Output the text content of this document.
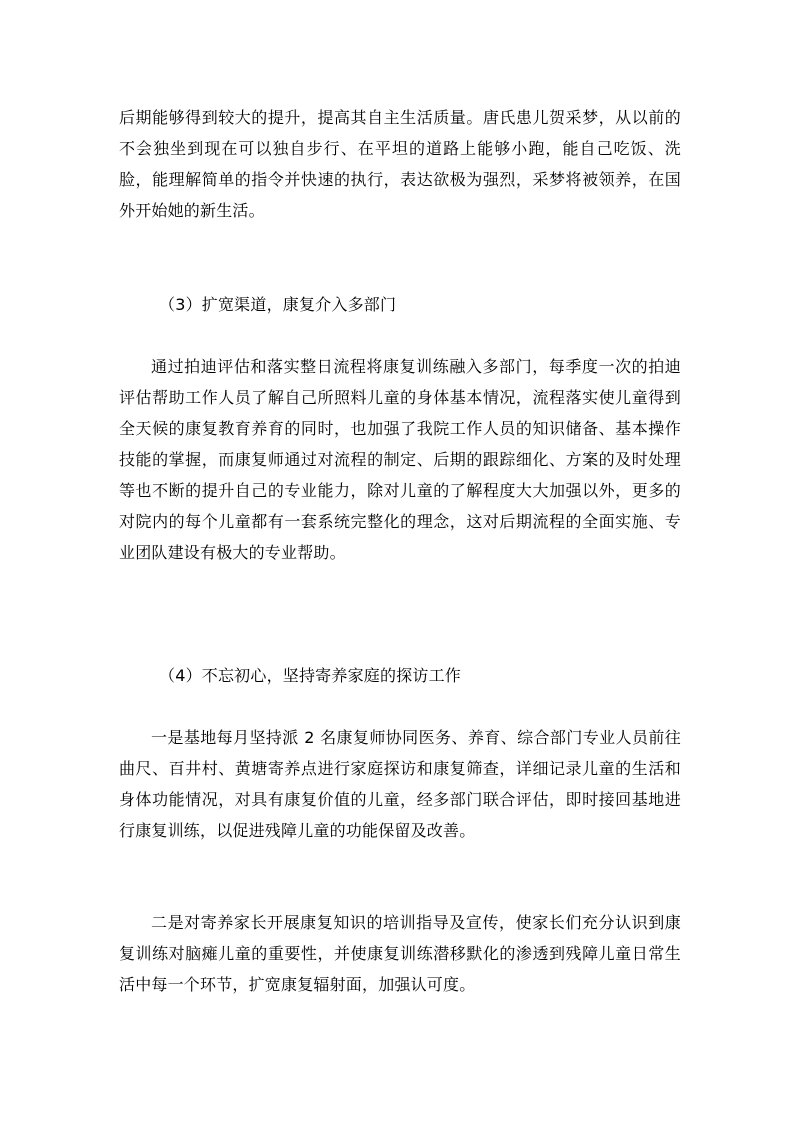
后期能够得到较大的提升，提高其自主生活质量。唐氏患儿贺采梦，从以前的不会独坐到现在可以独自步行、在平坦的道路上能够小跑，能自己吃饭、洗脸，能理解简单的指令并快速的执行，表达欲极为强烈，采梦将被领养，在国外开始她的新生活。

（3）扩宽渠道，康复介入多部门

通过拍迪评估和落实整日流程将康复训练融入多部门，每季度一次的拍迪评估帮助工作人员了解自己所照料儿童的身体基本情况，流程落实使儿童得到全天候的康复教育养育的同时，也加强了我院工作人员的知识储备、基本操作技能的掌握，而康复师通过对流程的制定、后期的跟踪细化、方案的及时处理等也不断的提升自己的专业能力，除对儿童的了解程度大大加强以外，更多的对院内的每个儿童都有一套系统完整化的理念，这对后期流程的全面实施、专业团队建设有极大的专业帮助。

（4）不忘初心，坚持寄养家庭的探访工作

一是基地每月坚持派 2 名康复师协同医务、养育、综合部门专业人员前往曲尺、百井村、黄塘寄养点进行家庭探访和康复筛查，详细记录儿童的生活和身体功能情况，对具有康复价值的儿童，经多部门联合评估，即时接回基地进行康复训练，以促进残障儿童的功能保留及改善。

二是对寄养家长开展康复知识的培训指导及宣传，使家长们充分认识到康复训练对脑瘫儿童的重要性，并使康复训练潜移默化的渗透到残障儿童日常生活中每一个环节，扩宽康复辐射面，加强认可度。
